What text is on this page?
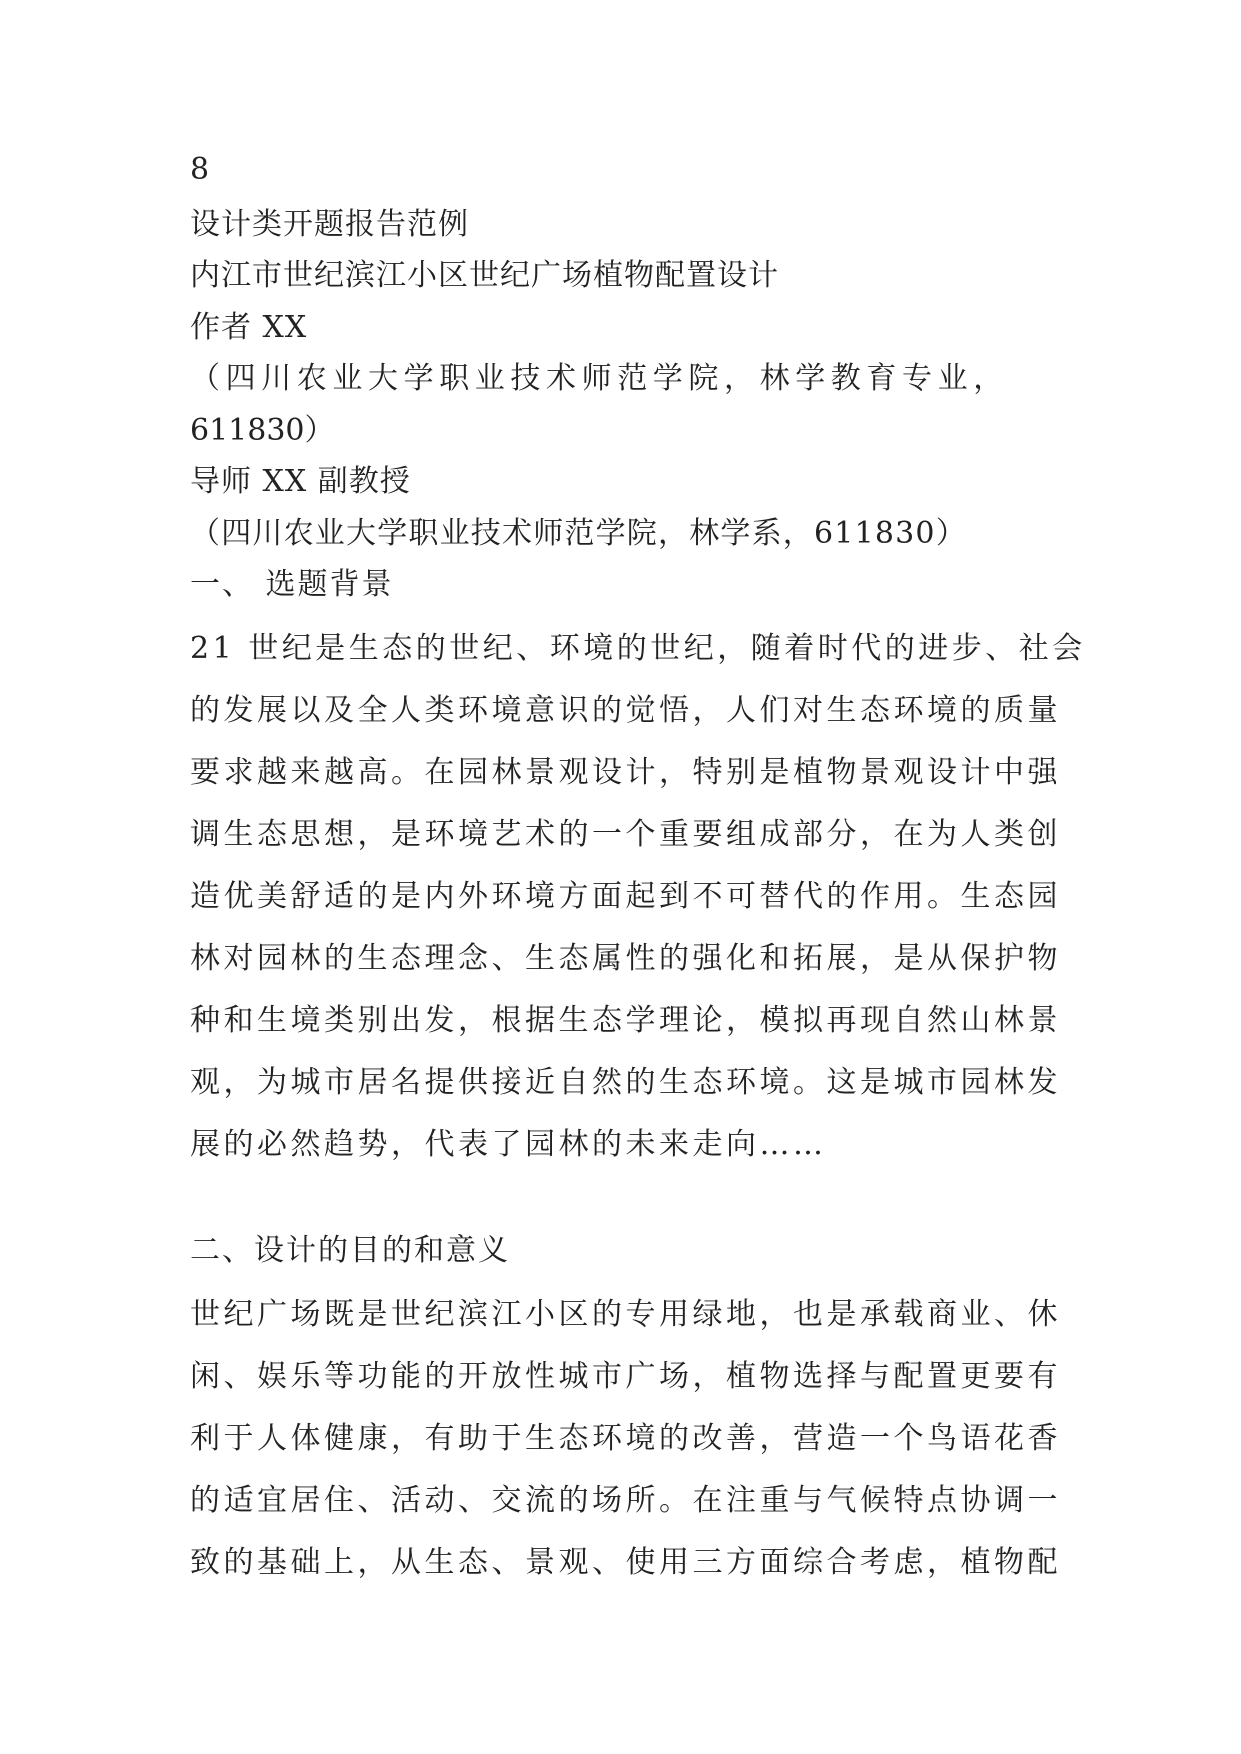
8

设计类开题报告范例

内江市世纪滨江小区世纪广场植物配置设计

作者 XX

（四川农业大学职业技术师范学院，林学教育专业，

611830）

导师 XX 副教授

（四川农业大学职业技术师范学院，林学系，611830）

一、 选题背景

21 世纪是生态的世纪、环境的世纪，随着时代的进步、社会
的发展以及全人类环境意识的觉悟，人们对生态环境的质量
要求越来越高。在园林景观设计，特别是植物景观设计中强
调生态思想，是环境艺术的一个重要组成部分，在为人类创
造优美舒适的是内外环境方面起到不可替代的作用。生态园
林对园林的生态理念、生态属性的强化和拓展，是从保护物
种和生境类别出发，根据生态学理论，模拟再现自然山林景
观，为城市居名提供接近自然的生态环境。这是城市园林发
展的必然趋势，代表了园林的未来走向……

二、设计的目的和意义

世纪广场既是世纪滨江小区的专用绿地，也是承载商业、休
闲、娱乐等功能的开放性城市广场，植物选择与配置更要有
利于人体健康，有助于生态环境的改善，营造一个鸟语花香
的适宜居住、活动、交流的场所。在注重与气候特点协调一
致的基础上，从生态、景观、使用三方面综合考虑，植物配
